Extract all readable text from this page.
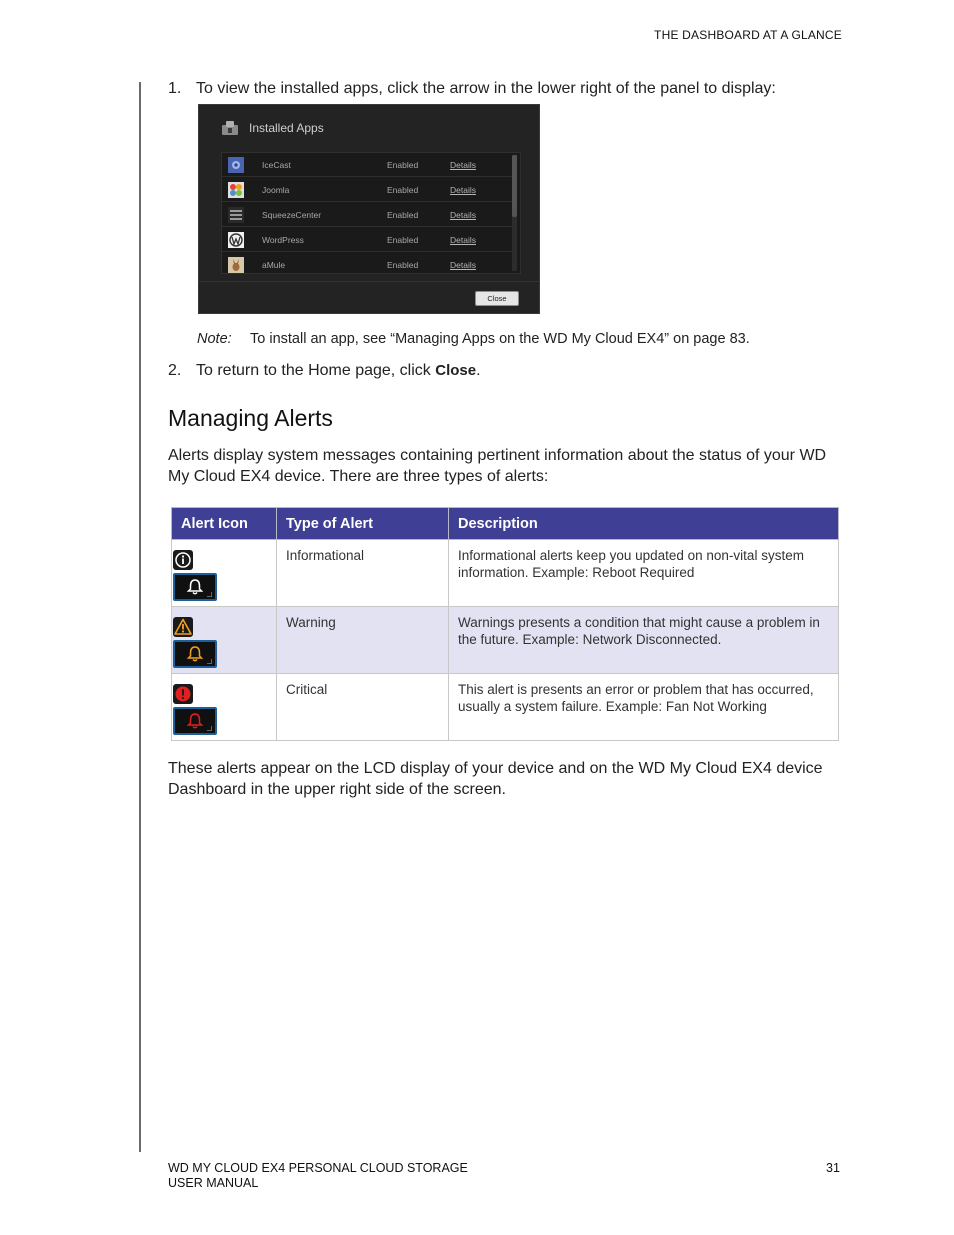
THE DASHBOARD AT A GLANCE
1. To view the installed apps, click the arrow in the lower right of the panel to display:
Installed Apps
IceCast	Enabled	Details
Joomla	Enabled	Details
SqueezeCenter	Enabled	Details
WordPress	Enabled	Details
aMule	Enabled	Details
Close
Note: To install an app, see “Managing Apps on the WD My Cloud EX4” on page 83.
2. To return to the Home page, click Close.
Managing Alerts
Alerts display system messages containing pertinent information about the status of your WD My Cloud EX4 device. There are three types of alerts:
Alert Icon	Type of Alert	Description

	Informational	Informational alerts keep you updated on non-vital system information. Example: Reboot Required

	Warning	Warnings presents a condition that might cause a problem in the future. Example: Network Disconnected.

	Critical	This alert is presents an error or problem that has occurred, usually a system failure. Example: Fan Not Working
These alerts appear on the LCD display of your device and on the WD My Cloud EX4 device Dashboard in the upper right side of the screen.
WD MY CLOUD EX4 PERSONAL CLOUD STORAGE
USER MANUAL
31
